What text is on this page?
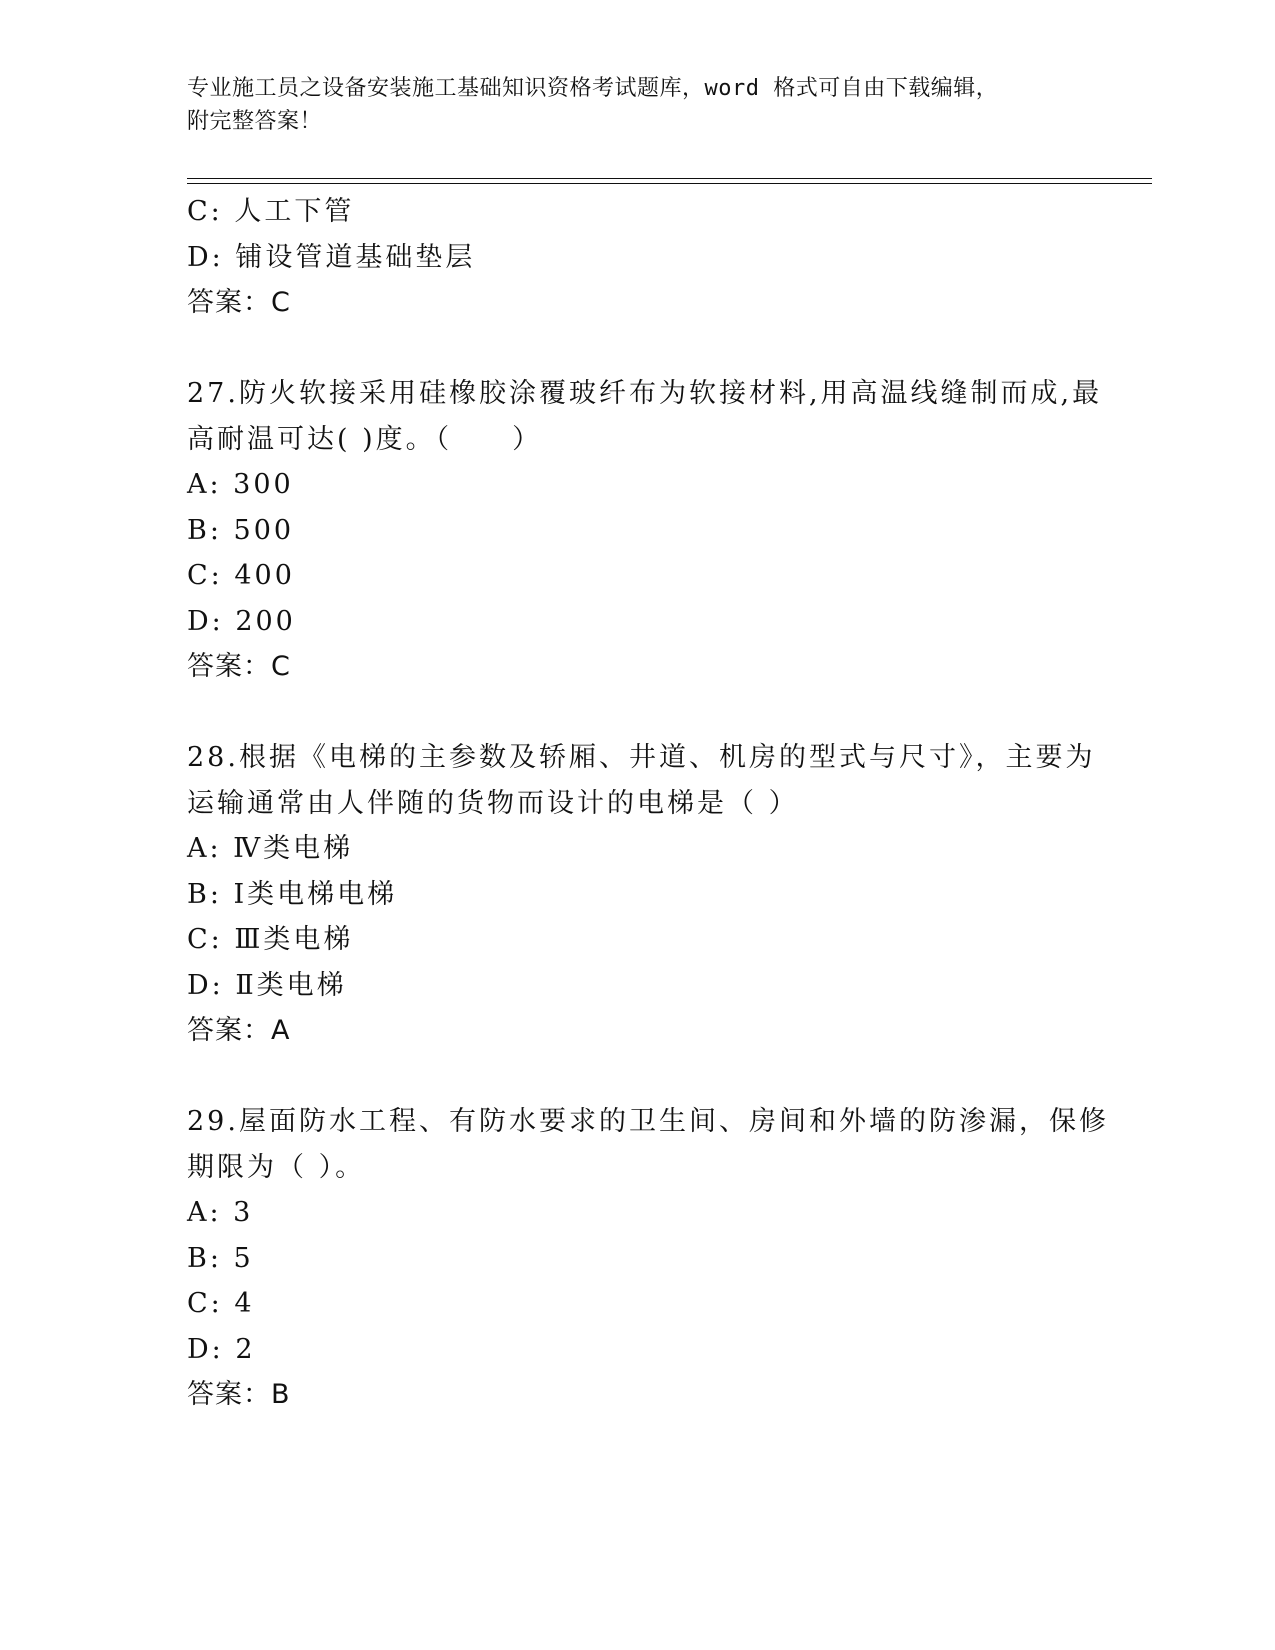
专业施工员之设备安装施工基础知识资格考试题库，word 格式可自由下载编辑，
附完整答案！
C: 人工下管
D: 铺设管道基础垫层
答案：C
27.防火软接采用硅橡胶涂覆玻纤布为软接材料,用高温线缝制而成,最
高耐温可达( )度。（　　）
A: 300
B: 500
C: 400
D: 200
答案：C
28.根据《电梯的主参数及轿厢、井道、机房的型式与尺寸》，主要为
运输通常由人伴随的货物而设计的电梯是（ ）
A: Ⅳ类电梯
B: Ⅰ类电梯电梯
C: Ⅲ类电梯
D: Ⅱ类电梯
答案：A
29.屋面防水工程、有防水要求的卫生间、房间和外墙的防渗漏，保修
期限为（ ）。
A: 3
B: 5
C: 4
D: 2
答案：B
